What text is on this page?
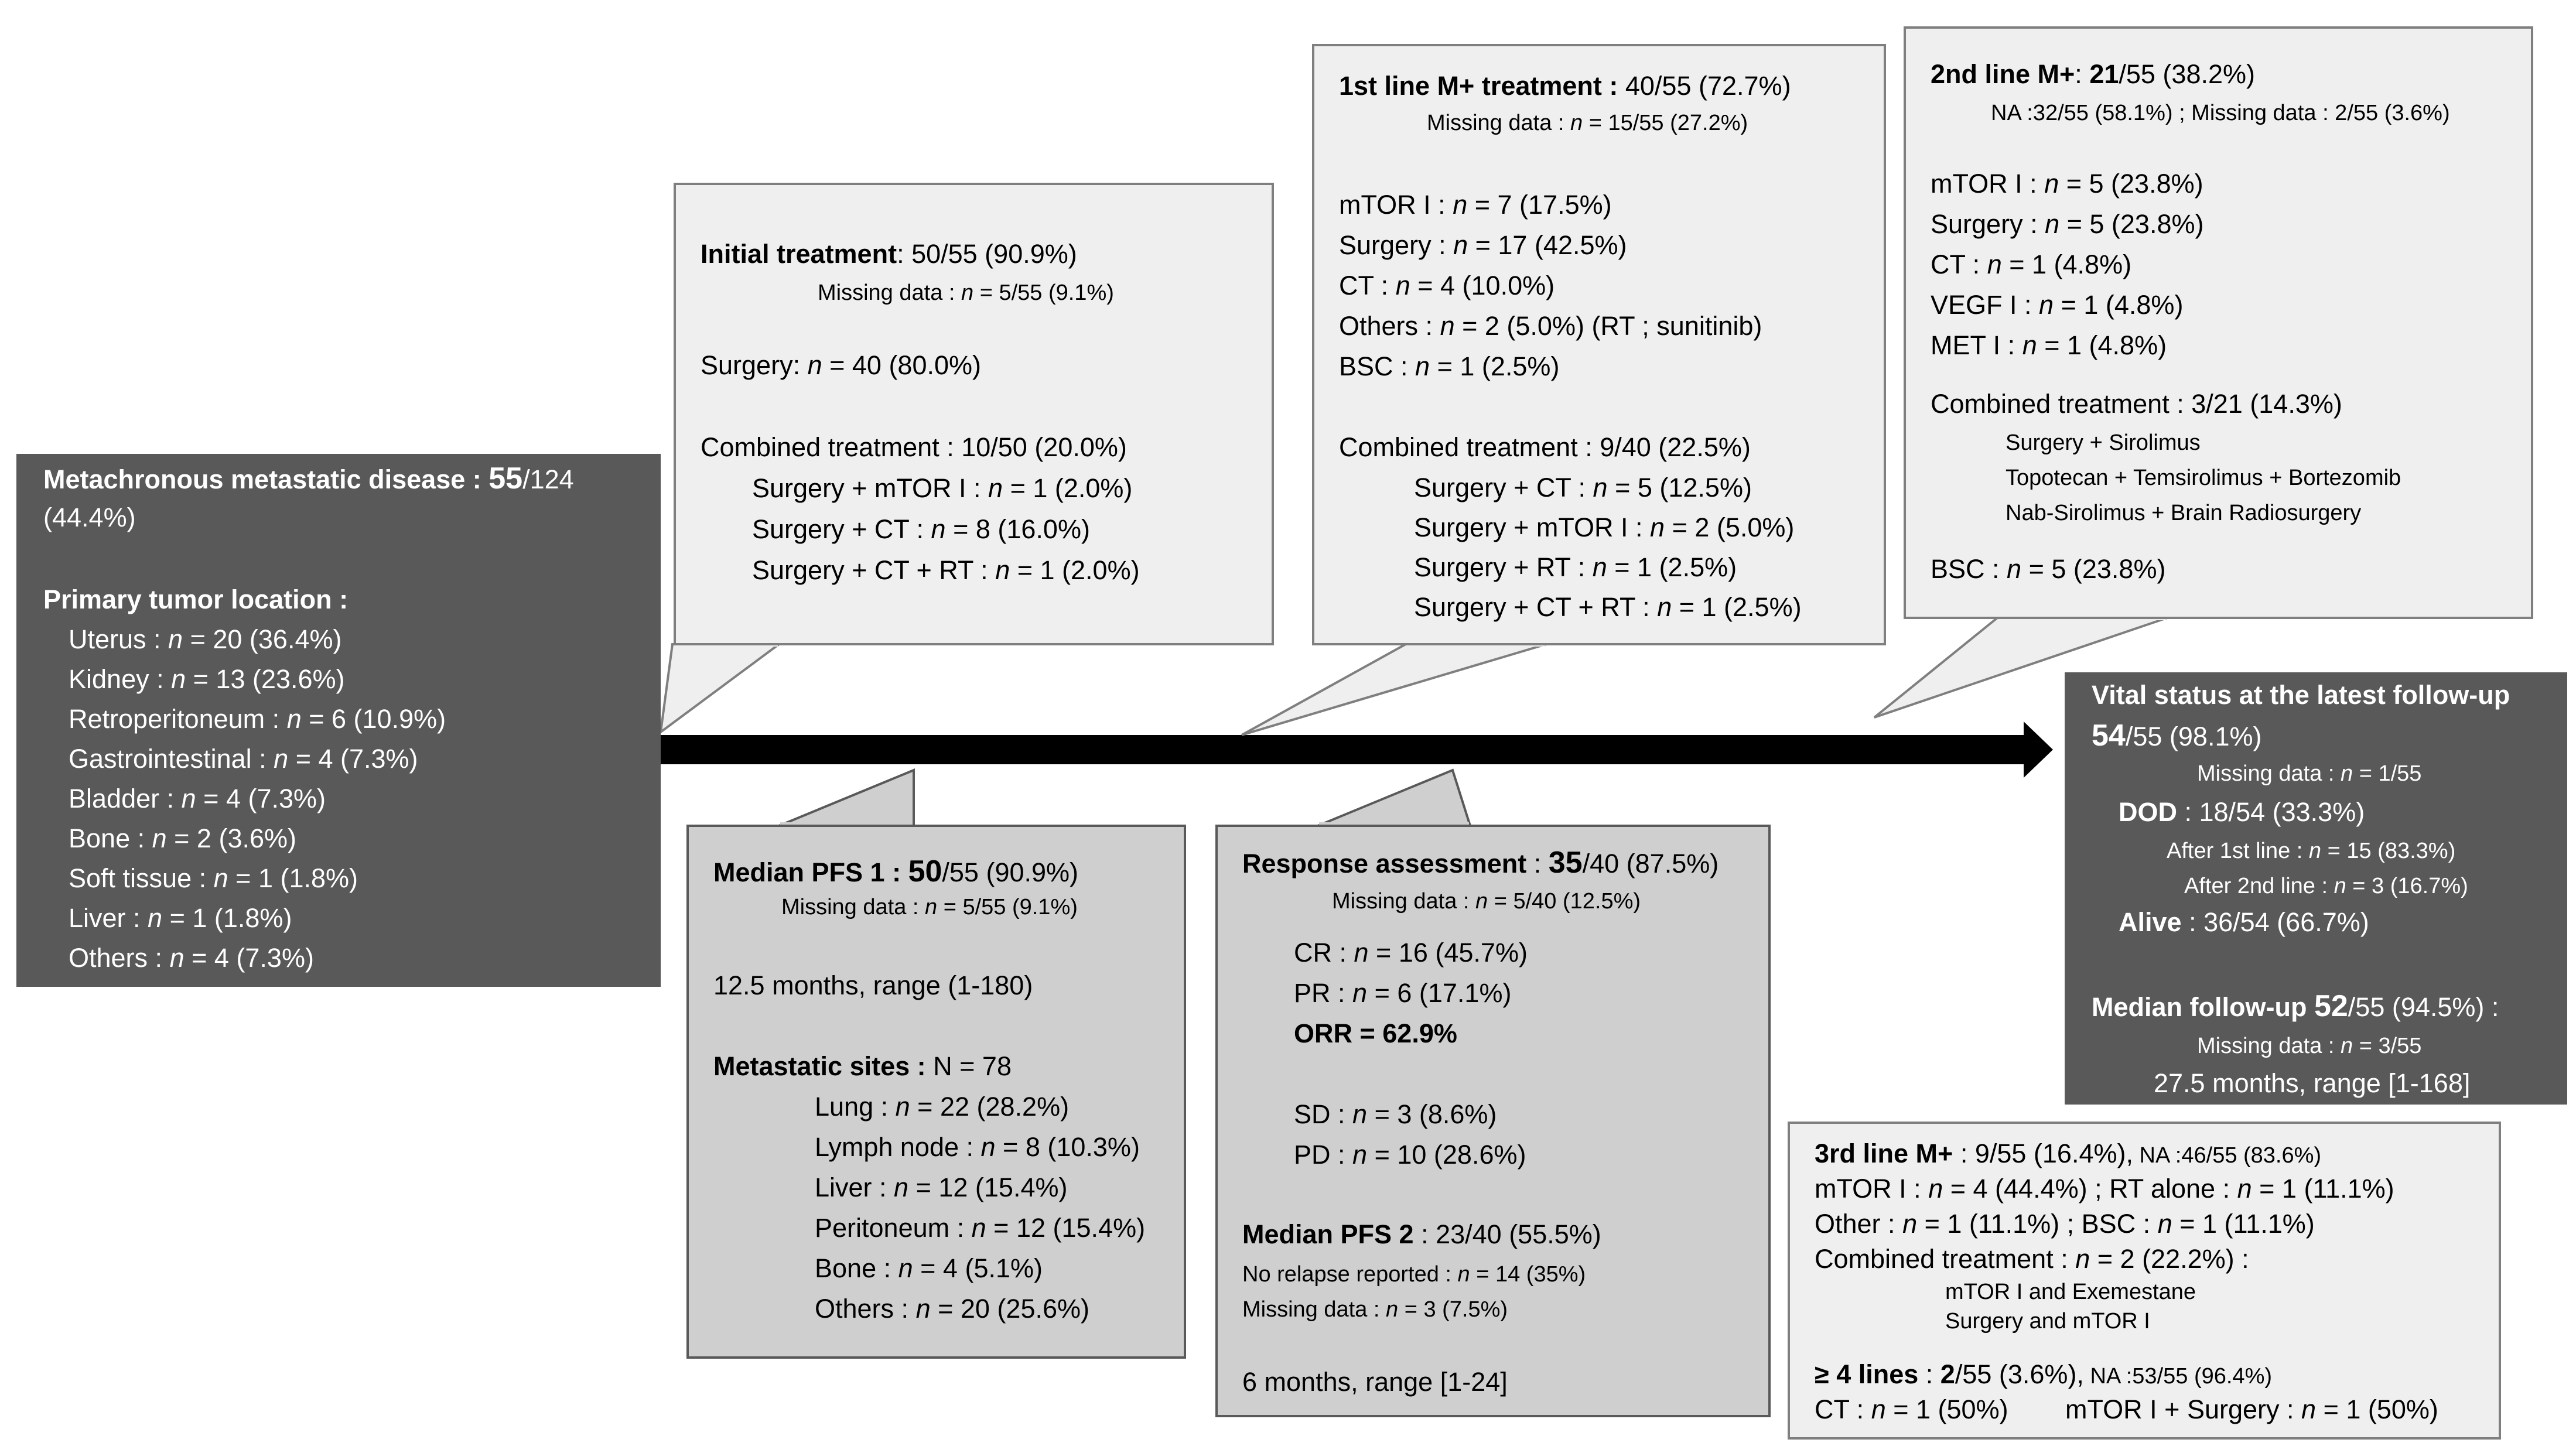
Metachronous metastatic disease : 55/124
(44.4%)
Primary tumor location :
Uterus : n = 20 (36.4%)
Kidney : n = 13 (23.6%)
Retroperitoneum : n = 6 (10.9%)
Gastrointestinal : n = 4 (7.3%)
Bladder : n = 4 (7.3%)
Bone : n = 2 (3.6%)
Soft tissue : n = 1 (1.8%)
Liver : n = 1 (1.8%)
Others : n = 4 (7.3%)
Initial treatment: 50/55 (90.9%)
Missing data : n = 5/55 (9.1%)
Surgery: n = 40 (80.0%)
Combined treatment : 10/50 (20.0%)
Surgery + mTOR I : n = 1 (2.0%)
Surgery + CT : n = 8 (16.0%)
Surgery + CT + RT : n = 1 (2.0%)
1st line M+ treatment : 40/55 (72.7%)
Missing data : n = 15/55 (27.2%)
mTOR I : n = 7 (17.5%)
Surgery : n = 17 (42.5%)
CT : n = 4 (10.0%)
Others : n = 2 (5.0%) (RT ; sunitinib)
BSC : n = 1 (2.5%)
Combined treatment : 9/40 (22.5%)
Surgery + CT : n = 5 (12.5%)
Surgery + mTOR I : n = 2 (5.0%)
Surgery + RT : n = 1 (2.5%)
Surgery + CT + RT : n = 1 (2.5%)
2nd line M+: 21/55 (38.2%)
NA :32/55 (58.1%) ; Missing data : 2/55 (3.6%)
mTOR I : n = 5 (23.8%)
Surgery : n = 5 (23.8%)
CT : n = 1 (4.8%)
VEGF I : n = 1 (4.8%)
MET I : n = 1 (4.8%)
Combined treatment : 3/21 (14.3%)
Surgery + Sirolimus
Topotecan + Temsirolimus + Bortezomib
Nab-Sirolimus + Brain Radiosurgery
BSC : n = 5 (23.8%)
Median PFS 1 : 50/55 (90.9%)
Missing data : n = 5/55 (9.1%)
12.5 months, range (1-180)
Metastatic sites : N = 78
Lung : n = 22 (28.2%)
Lymph node : n = 8 (10.3%)
Liver : n = 12 (15.4%)
Peritoneum : n = 12 (15.4%)
Bone : n = 4 (5.1%)
Others : n = 20 (25.6%)
Response assessment : 35/40 (87.5%)
Missing data : n = 5/40 (12.5%)
CR : n = 16 (45.7%)
PR : n = 6 (17.1%)
ORR = 62.9%
SD : n = 3 (8.6%)
PD : n = 10 (28.6%)
Median PFS 2 : 23/40 (55.5%)
No relapse reported : n = 14 (35%)
Missing data : n = 3 (7.5%)
6 months, range [1-24]
Vital status at the latest follow-up
54/55 (98.1%)
Missing data : n = 1/55
DOD : 18/54 (33.3%)
After 1st line : n = 15 (83.3%)
After 2nd line : n = 3 (16.7%)
Alive : 36/54 (66.7%)
Median follow-up 52/55 (94.5%) :
Missing data : n = 3/55
27.5 months, range [1-168]
3rd line M+ : 9/55 (16.4%), NA :46/55 (83.6%)
mTOR I : n = 4 (44.4%) ; RT alone : n = 1 (11.1%)
Other : n = 1 (11.1%) ; BSC : n = 1 (11.1%)
Combined treatment : n = 2 (22.2%) :
mTOR I and Exemestane
Surgery and mTOR I
≥ 4 lines : 2/55 (3.6%), NA :53/55 (96.4%)
CT : n = 1 (50%) mTOR I + Surgery : n = 1 (50%)
